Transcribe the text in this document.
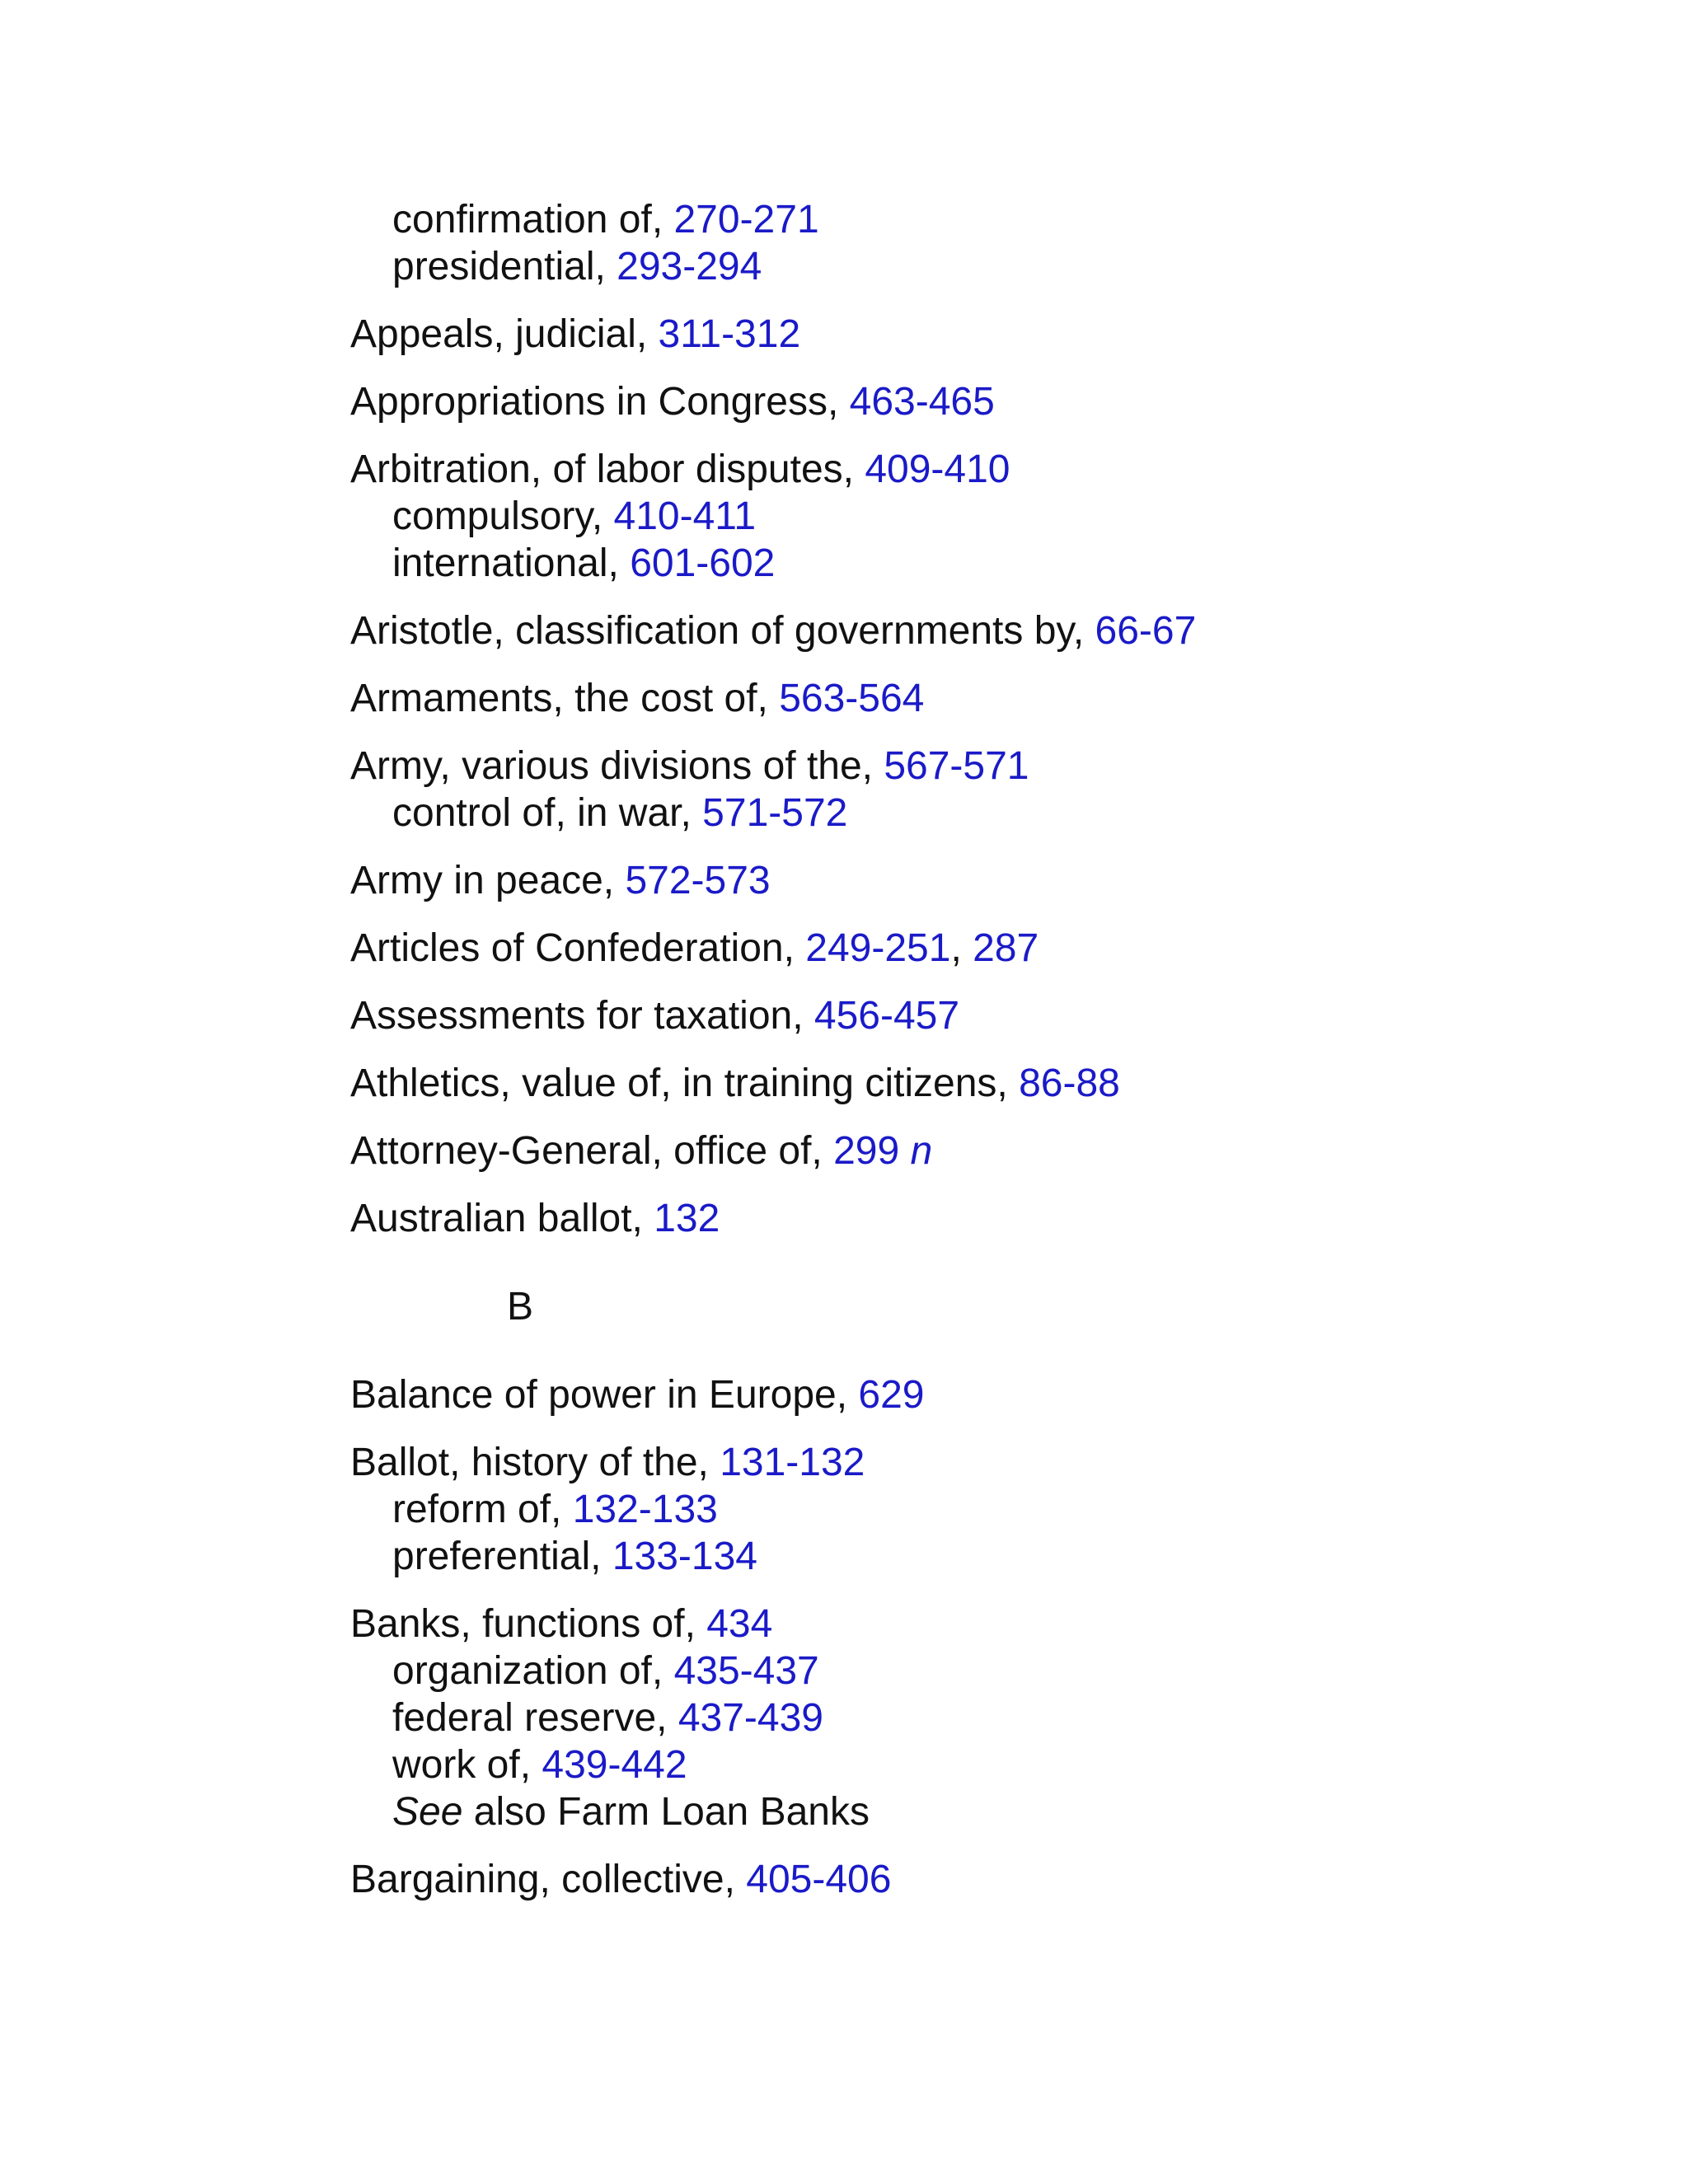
confirmation of, 270-271
presidential, 293-294
Appeals, judicial, 311-312
Appropriations in Congress, 463-465
Arbitration, of labor disputes, 409-410
compulsory, 410-411
international, 601-602
Aristotle, classification of governments by, 66-67
Armaments, the cost of, 563-564
Army, various divisions of the, 567-571
control of, in war, 571-572
Army in peace, 572-573
Articles of Confederation, 249-251, 287
Assessments for taxation, 456-457
Athletics, value of, in training citizens, 86-88
Attorney-General, office of, 299 n
Australian ballot, 132
B
Balance of power in Europe, 629
Ballot, history of the, 131-132
reform of, 132-133
preferential, 133-134
Banks, functions of, 434
organization of, 435-437
federal reserve, 437-439
work of, 439-442
See also Farm Loan Banks
Bargaining, collective, 405-406
